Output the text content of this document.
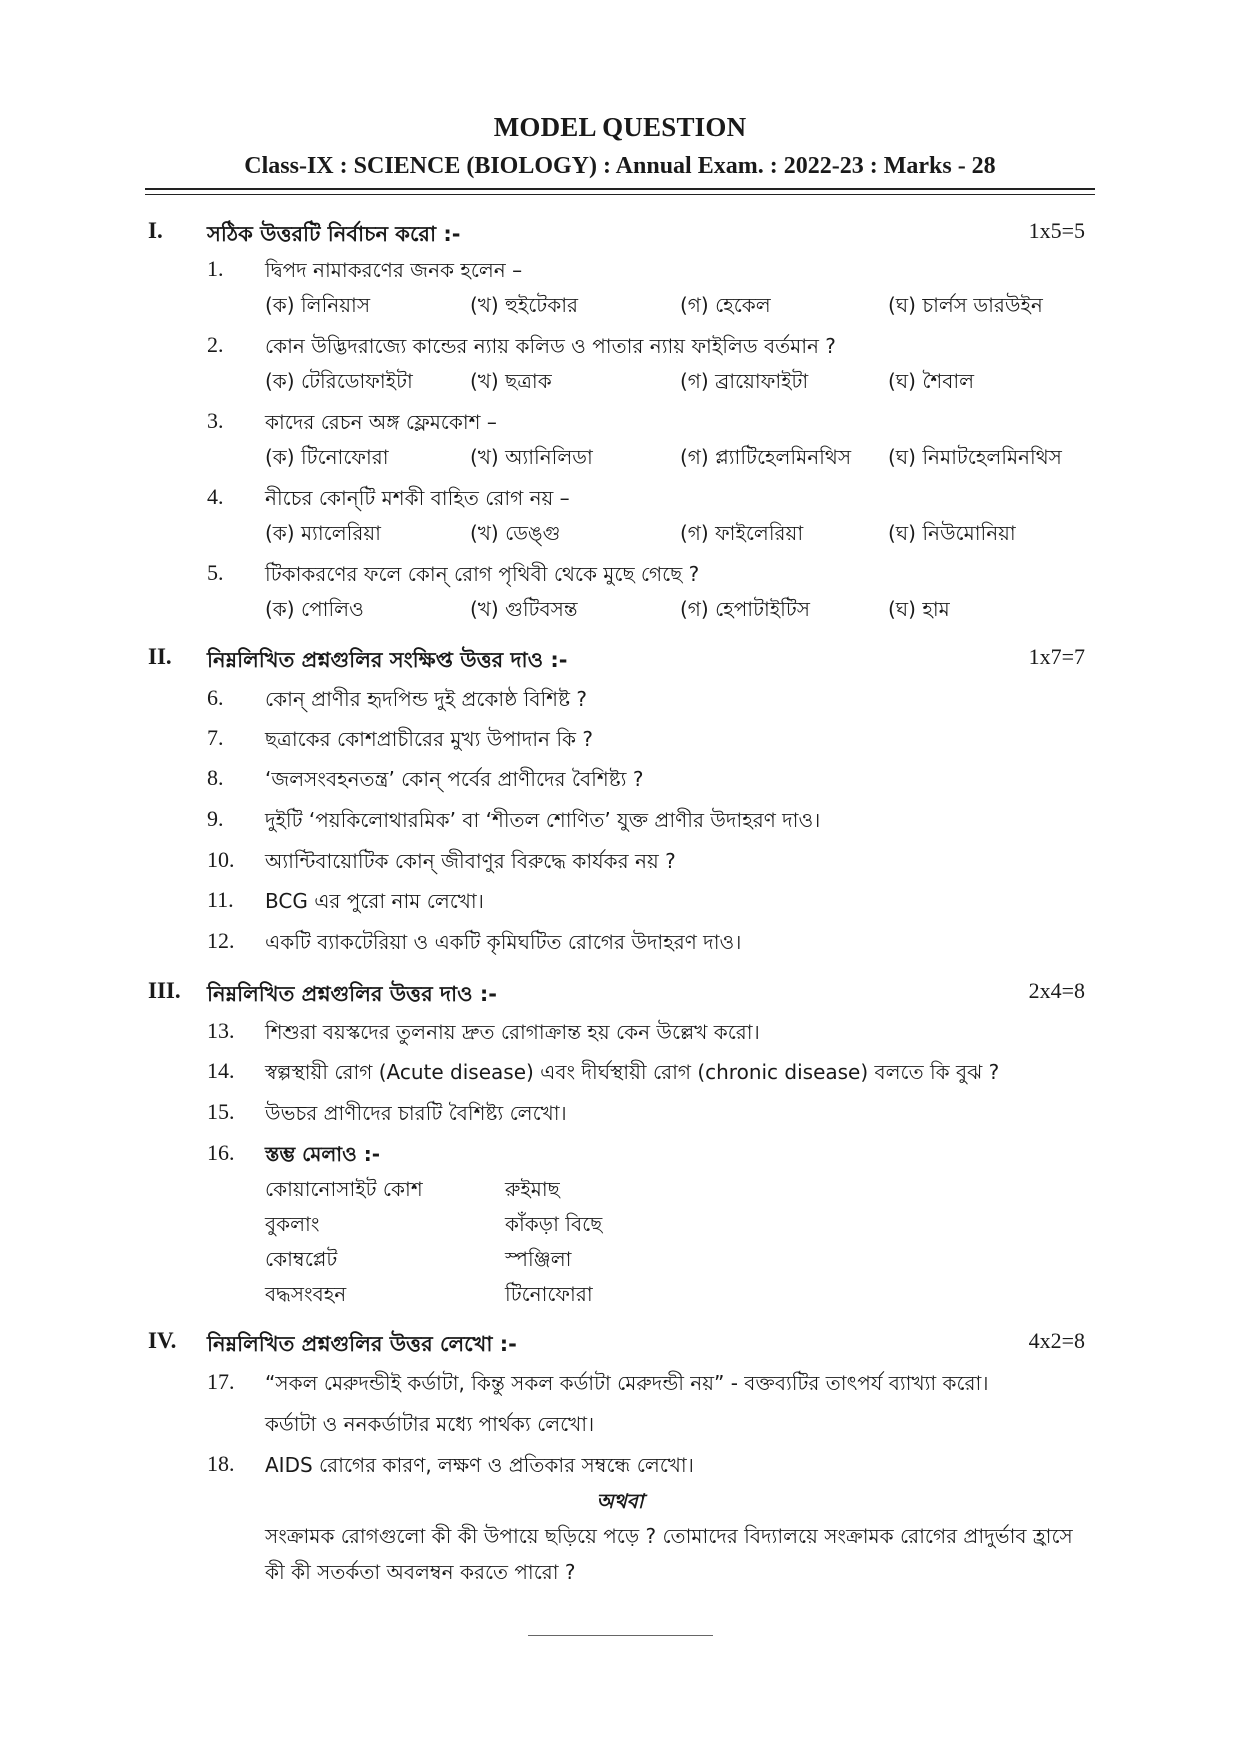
MODEL QUESTION
Class-IX : SCIENCE (BIOLOGY) : Annual Exam. : 2022-23 : Marks - 28
I. সঠিক উত্তরটি নির্বাচন করো :-	1x5=5
1. দ্বিপদ নামাকরণের জনক হলেন –
(ক) লিনিয়াস	(খ) হুইটেকার	(গ) হেকেল	(ঘ) চার্লস ডারউইন
2. কোন উদ্ভিদরাজ্যে কান্ডের ন্যায় কলিড ও পাতার ন্যায় ফাইলিড বর্তমান ?
(ক) টেরিডোফাইটা	(খ) ছত্রাক	(গ) ব্রায়োফাইটা	(ঘ) শৈবাল
3. কাদের রেচন অঙ্গ ফ্লেমকোশ –
(ক) টিনোফোরা	(খ) অ্যানিলিডা	(গ) প্ল্যাটিহেলমিনথিস (ঘ) নিমাটহেলমিনথিস
4. নীচের কোন্‌টি মশকী বাহিত রোগ নয় –
(ক) ম্যালেরিয়া	(খ) ডেঙ্গু	(গ) ফাইলেরিয়া	(ঘ) নিউমোনিয়া
5. টিকাকরণের ফলে কোন্ রোগ পৃথিবী থেকে মুছে গেছে ?
(ক) পোলিও	(খ) গুটিবসন্ত	(গ) হেপাটাইটিস	(ঘ) হাম
II. নিম্নলিখিত প্রশ্নগুলির সংক্ষিপ্ত উত্তর দাও :-	1x7=7
6. কোন্ প্রাণীর হৃদপিন্ড দুই প্রকোষ্ঠ বিশিষ্ট ?
7. ছত্রাকের কোশপ্রাচীরের মুখ্য উপাদান কি ?
8. ‘জলসংবহনতন্ত্র’ কোন্ পর্বের প্রাণীদের বৈশিষ্ট্য ?
9. দুইটি ‘পয়কিলোথারমিক’ বা ‘শীতল শোণিত’ যুক্ত প্রাণীর উদাহরণ দাও।
10. অ্যান্টিবায়োটিক কোন্ জীবাণুর বিরুদ্ধে কার্যকর নয় ?
11. BCG এর পুরো নাম লেখো।
12. একটি ব্যাকটেরিয়া ও একটি কৃমিঘটিত রোগের উদাহরণ দাও।
III. নিম্নলিখিত প্রশ্নগুলির উত্তর দাও :-	2x4=8
13. শিশুরা বয়স্কদের তুলনায় দ্রুত রোগাক্রান্ত হয় কেন উল্লেখ করো।
14. স্বল্পস্থায়ী রোগ (Acute disease) এবং দীর্ঘস্থায়ী রোগ (chronic disease) বলতে কি বুঝ ?
15. উভচর প্রাণীদের চারটি বৈশিষ্ট্য লেখো।
16. স্তম্ভ মেলাও :-
কোয়ানোসাইট কোশ	রুইমাছ
বুকলাং	কাঁকড়া বিছে
কোম্বপ্লেট	স্পঞ্জিলা
বদ্ধসংবহন	টিনোফোরা
IV. নিম্নলিখিত প্রশ্নগুলির উত্তর লেখো :-	4x2=8
17. “সকল মেরুদন্ডীই কর্ডাটা, কিন্তু সকল কর্ডাটা মেরুদন্ডী নয়” - বক্তব্যটির তাৎপর্য ব্যাখ্যা করো।
কর্ডাটা ও ননকর্ডাটার মধ্যে পার্থক্য লেখো।
18. AIDS রোগের কারণ, লক্ষণ ও প্রতিকার সম্বন্ধে লেখো।
অথবা
সংক্রামক রোগগুলো কী কী উপায়ে ছড়িয়ে পড়ে ? তোমাদের বিদ্যালয়ে সংক্রামক রোগের প্রাদুর্ভাব হ্রাসে
কী কী সতর্কতা অবলম্বন করতে পারো ?
